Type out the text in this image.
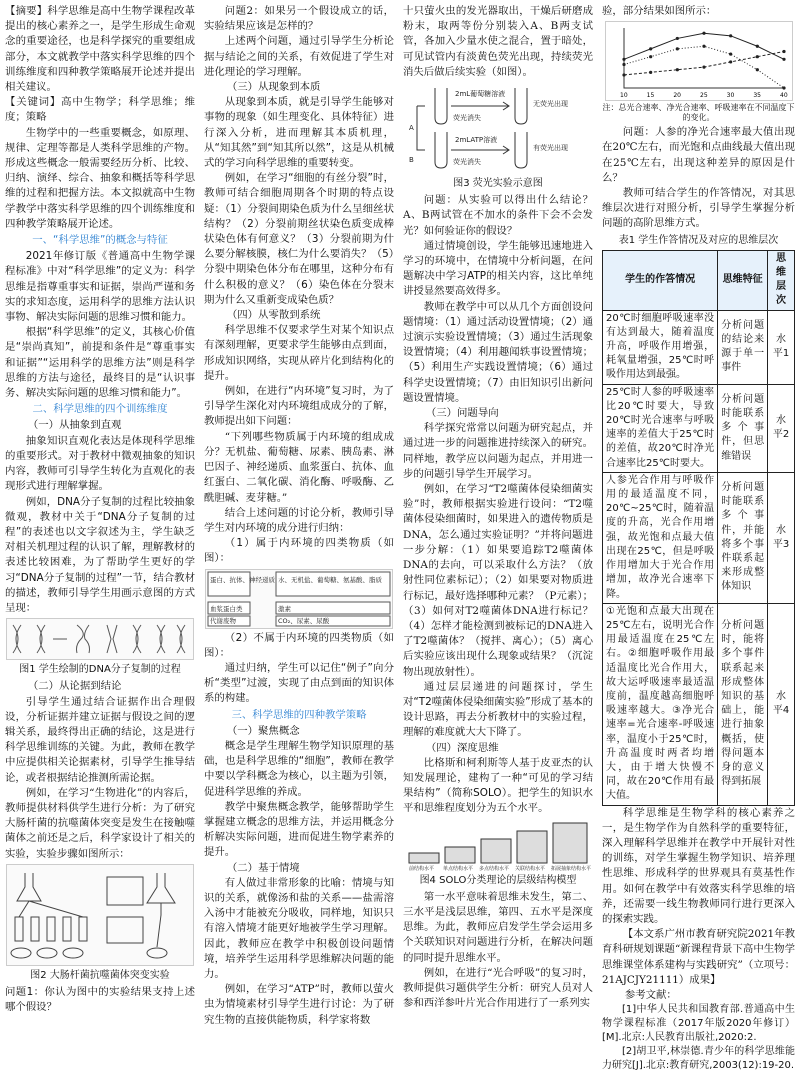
【摘要】科学思维是高中生物学课程改革提出的核心素养之一，是学生形成生命观念的重要途径，也是科学探究的重要组成部分，本文就教学中落实科学思维的四个训练维度和四种教学策略展开论述并提出相关建议。

【关键词】高中生物学；科学思维；维度；策略

生物学中的一些重要概念，如原理、规律、定理等都是人类科学思维的产物。形成这些概念一般需要经历分析、比较、归纳、演绎、综合、抽象和概括等科学思维的过程和把握方法。本文拟就高中生物学教学中落实科学思维的四个训练维度和四种教学策略展开论述。

一、“科学思维”的概念与特征

2021年修订版《普通高中生物学课程标准》中对“科学思维”的定义为：科学思维是指尊重事实和证据，崇尚严谨和务实的求知态度，运用科学的思维方法认识事物、解决实际问题的思维习惯和能力。

根据“科学思维”的定义，其核心价值是“崇尚真知”，前提和条件是“尊重事实和证据”“运用科学的思维方法”则是科学思维的方法与途径，最终目的是“认识事务、解决实际问题的思维习惯和能力”。

二、科学思维的四个训练维度

（一）从抽象到直观

抽象知识直观化表达是体现科学思维的重要形式。对于教材中微观抽象的知识内容，教师可引导学生转化为直观化的表现形式进行理解掌握。

例如，DNA分子复制的过程比较抽象微观，教材中关于“DNA分子复制的过程”的表述也以文字叙述为主，学生缺乏对相关机理过程的认识了解，理解教材的表述比较困难，为了帮助学生更好的学习“DNA分子复制的过程”一节，结合教材的描述，教师引导学生用画示意图的方式呈现：

图1 学生绘制的DNA分子复制的过程

（二）从论据到结论

引导学生通过结合证据作出合理假设，分析证据并建立证据与假设之间的逻辑关系，最终得出正确的结论，这是进行科学思维训练的关键。为此，教师在教学中应提供相关论据素材，引导学生推导结论，或者根据结论推测所需论据。

例如，在学习“生物进化”的内容后，教师提供材料供学生进行分析：为了研究大肠杆菌的抗噬菌体突变是发生在接触噬菌体之前还是之后，科学家设计了相关的实验，实验步骤如图所示：

图2 大肠杆菌抗噬菌体突变实验

问题1：你认为图中的实验结果支持上述哪个假设？

问题2：如果另一个假设成立的话，实验结果应该是怎样的？

上述两个问题，通过引导学生分析论据与结论之间的关系，有效促进了学生对进化理论的学习理解。

（三）从现象到本质

从现象到本质，就是引导学生能够对事物的现象（如生理变化、具体特征）进行深入分析，进而理解其本质机理，从“知其然”到“知其所以然”，这是从机械式的学习向科学思维的重要转变。

例如，在学习“细胞的有丝分裂”时，教师可结合细胞周期各个时期的特点设疑：（1）分裂间期染色质为什么呈细丝状结构？（2）分裂前期丝状染色质变成棒状染色体有何意义？（3）分裂前期为什么要分解核膜，核仁为什么要消失？（5）分裂中期染色体分布在哪里，这种分布有什么积极的意义？（6）染色体在分裂末期为什么又重新变成染色质？

（四）从零散到系统

科学思维不仅要求学生对某个知识点有深刻理解，更要求学生能够由点到面，形成知识网络，实现从碎片化到结构化的提升。

例如，在进行“内环境”复习时，为了引导学生深化对内环境组成成分的了解，教师提出如下问题：

“下列哪些物质属于内环境的组成成分？无机盐、葡萄糖、尿素、胰岛素、淋巴因子、神经递质、血浆蛋白、抗体、血红蛋白、二氧化碳、消化酶、呼吸酶、乙酰胆碱、麦芽糖。”

结合上述问题的讨论分析，教师引导学生对内环境的成分进行归纳：

（1）属于内环境的四类物质（如图）：

蛋白、抗体、神经递质 水、无机盐、葡萄糖、氨基酸、脂质
血浆蛋白类	激素
代谢废物	CO₂、尿素、尿酸

（2）不属于内环境的四类物质（如图）：

通过归纳，学生可以记住“例子”向分析“类型”过渡，实现了由点到面的知识体系的构建。

三、科学思维的四种教学策略

（一）聚焦概念

概念是学生理解生物学知识原理的基础，也是科学思维的“细胞”，教师在教学中要以学科概念为核心，以主题为引领，促进科学思维的养成。

教学中聚焦概念教学，能够帮助学生掌握建立概念的思维方法，并运用概念分析解决实际问题，进而促进生物学素养的提升。

（二）基于情境

有人做过非常形象的比喻：情境与知识的关系，就像汤和盐的关系——盐需溶入汤中才能被充分吸收，同样地，知识只有溶入情境才能更好地被学生学习理解。因此，教师应在教学中积极创设问题情境，培养学生运用科学思维解决问题的能力。

例如，在学习“ATP”时，教师以萤火虫为情境素材引导学生进行讨论：为了研究生物的直接供能物质，科学家将数

十只萤火虫的发光器取出，干燥后研磨成粉末，取两等份分别装入A、B两支试管，各加入少量水使之混合，置于暗处，可见试管内有淡黄色荧光出现，持续荧光消失后做后续实验（如图）。

A
B
2mL葡萄糖溶液
荧光消失
无荧光出现
2mLATP溶液
荧光消失
有荧光出现

图3 荧光实验示意图

问题：从实验可以得出什么结论？A、B两试管在不加水的条件下会不会发光？如何验证你的假设？

通过情境创设，学生能够迅速地进入学习的环境中，在情境中分析问题，在问题解决中学习ATP的相关内容，这比单纯讲授显然要高效得多。

教师在教学中可以从几个方面创设问题情境：（1）通过活动设置情境；（2）通过演示实验设置情境；（3）通过生活现象设置情境；（4）利用趣闻轶事设置情境；（5）利用生产实践设置情境；（6）通过科学史设置情境；（7）由旧知识引出新问题设置情境。

（三）问题导向

科学探究常常以问题为研究起点，并通过进一步的问题推进持续深入的研究。同样地，教学应以问题为起点，并用进一步的问题引导学生开展学习。

例如，在学习“T2噬菌体侵染细菌实验”时，教师根据实验进行设问：“T2噬菌体侵染细菌时，如果进入的遗传物质是DNA，怎么通过实验证明？”并将问题进一步分解：（1）如果要追踪T2噬菌体DNA的去向，可以采取什么方法？（放射性同位素标记）；（2）如果要对物质进行标记，最好选择哪种元素？（P元素）；（3）如何对T2噬菌体DNA进行标记？（4）怎样才能检测到被标记的DNA进入了T2噬菌体？（搅拌、离心）；（5）离心后实验应该出现什么现象或结果？（沉淀物出现放射性）。

通过层层递进的问题探讨，学生对“T2噬菌体侵染细菌实验”形成了基本的设计思路，再去分析教材中的实验过程，理解的难度就大大下降了。

（四）深度思维

比格斯和柯利斯等人基于皮亚杰的认知发展理论，建构了一种“可见的学习结果结构”（简称SOLO）。把学生的知识水平和思维程度划分为五个水平。

前结构水平 单点结构水平 多点结构水平 关联结构水平 拓展抽象结构水平

图4 SOLO分类理论的层级结构模型

第一水平意味着思维未发生，第二、三水平是浅层思维，第四、五水平是深度思维。为此，教师应启发学生学会运用多个关联知识对问题进行分析，在解决问题的同时提升思维水平。

例如，在进行“光合呼吸”的复习时，教师提供习题供学生分析：研究人员对人参和西洋参叶片光合作用进行了一系列实

验，部分结果如图所示：

10	15	20	25	30	35	40

注：总光合速率、净光合速率、呼吸速率在不同温度下的变化。

问题：人参的净光合速率最大值出现在20℃左右，而光饱和点曲线最大值出现在25℃左右，出现这种差异的原因是什么？

教师可结合学生的作答情况，对其思维层次进行对照分析，引导学生掌握分析问题的高阶思维方式。

表1 学生作答情况及对应的思维层次

学生的作答情况	思维特征	思维层次
20℃时细胞呼吸速率没有达到最大，随着温度升高，呼吸作用增强，耗氧量增强，25℃时呼吸作用达到最强。	分析问题的结论来源于单一事件	水平1
25℃时人参的呼吸速率比20℃时要大，导致20℃时光合速率与呼吸速率的差值大于25℃时的差值，故20℃时净光合速率比25℃时要大。	分析问题时能联系多个事件，但思维错误	水平2
人参光合作用与呼吸作用的最适温度不同，20℃~25℃时，随着温度的升高，光合作用增强，故光饱和点最大值出现在25℃，但是呼吸作用增加大于光合作用增加，故净光合速率下降。	分析问题时能联系多个事件，并能将多个事件联系起来形成整体知识	水平3
①光饱和点最大出现在25℃左右，说明光合作用最适温度在25℃左右。②细胞呼吸作用最适温度比光合作用大，故大运呼吸速率最适温度前，温度越高细胞呼吸速率越大。③净光合速率=光合速率-呼吸速率，温度小于25℃时，升高温度时两者均增大，由于增大快慢不同，故在20℃作用有最大值。	分析问题时，能将多个事件联系起来形成整体知识的基础上，能进行抽象概括，使得问题本身的意义得到拓展	水平4

科学思维是生物学科的核心素养之一，是生物学作为自然科学的重要特征，深入理解科学思维并在教学中开展针对性的训练，对学生掌握生物学知识、培养理性思维、形成科学的世界观具有莫基性作用。如何在教学中有效落实科学思维的培养，还需要一线生物教师同行进行更深入的探索实践。

【本文系广州市教育研究院2021年教育科研规划课题“新课程背景下高中生物学思维课堂体系建构与实践研究”（立项号：21AJCJY21111）成果】

参考文献：

[1]中华人民共和国教育部.普通高中生物学课程标准（2017年版2020年修订）[M].北京:人民教育出版社,2020:2.

[2]胡卫平,林崇德.青少年的科学思维能力研究[J].北京:教育研究,2003(12):19-20.
